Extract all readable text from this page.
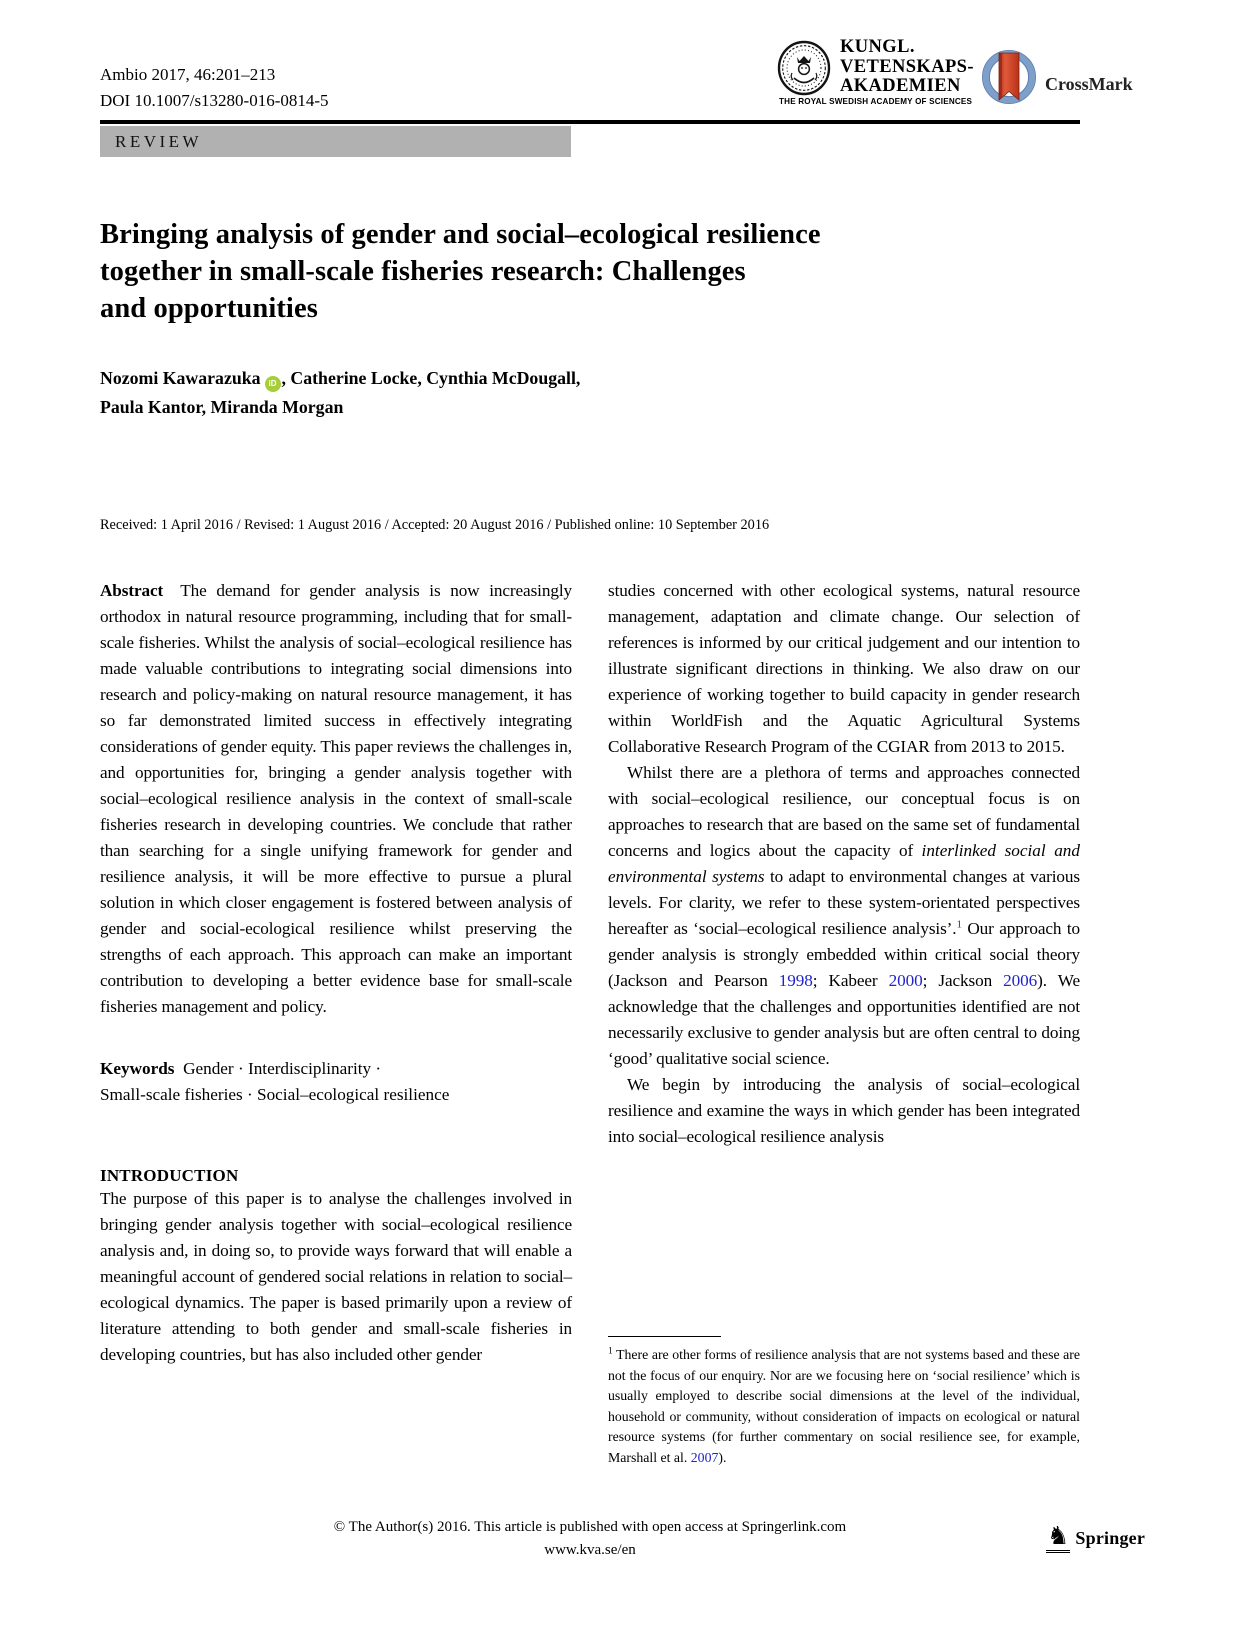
Ambio 2017, 46:201–213
DOI 10.1007/s13280-016-0814-5
KUNGL.
VETENSKAPS-
AKADEMIEN
THE ROYAL SWEDISH ACADEMY OF SCIENCES
CrossMark
REVIEW
Bringing analysis of gender and social–ecological resilience
together in small-scale fisheries research: Challenges
and opportunities
Nozomi Kawarazuka iD , Catherine Locke, Cynthia McDougall,
Paula Kantor, Miranda Morgan
Received: 1 April 2016 / Revised: 1 August 2016 / Accepted: 20 August 2016 / Published online: 10 September 2016

Abstract  The demand for gender analysis is now increasingly orthodox in natural resource programming, including that for small-scale fisheries. Whilst the analysis of social–ecological resilience has made valuable contributions to integrating social dimensions into research and policy-making on natural resource management, it has so far demonstrated limited success in effectively integrating considerations of gender equity. This paper reviews the challenges in, and opportunities for, bringing a gender analysis together with social–ecological resilience analysis in the context of small-scale fisheries research in developing countries. We conclude that rather than searching for a single unifying framework for gender and resilience analysis, it will be more effective to pursue a plural solution in which closer engagement is fostered between analysis of gender and social-ecological resilience whilst preserving the strengths of each approach. This approach can make an important contribution to developing a better evidence base for small-scale fisheries management and policy.

Keywords  Gender · Interdisciplinarity ·
Small-scale fisheries · Social–ecological resilience

INTRODUCTION

The purpose of this paper is to analyse the challenges involved in bringing gender analysis together with social–ecological resilience analysis and, in doing so, to provide ways forward that will enable a meaningful account of gendered social relations in relation to social–ecological dynamics. The paper is based primarily upon a review of literature attending to both gender and small-scale fisheries in developing countries, but has also included other gender

studies concerned with other ecological systems, natural resource management, adaptation and climate change. Our selection of references is informed by our critical judgement and our intention to illustrate significant directions in thinking. We also draw on our experience of working together to build capacity in gender research within WorldFish and the Aquatic Agricultural Systems Collaborative Research Program of the CGIAR from 2013 to 2015.

Whilst there are a plethora of terms and approaches connected with social–ecological resilience, our conceptual focus is on approaches to research that are based on the same set of fundamental concerns and logics about the capacity of interlinked social and environmental systems to adapt to environmental changes at various levels. For clarity, we refer to these system-orientated perspectives hereafter as ‘social–ecological resilience analysis’.$^1$ Our approach to gender analysis is strongly embedded within critical social theory (Jackson and Pearson 1998; Kabeer 2000; Jackson 2006). We acknowledge that the challenges and opportunities identified are not necessarily exclusive to gender analysis but are often central to doing ‘good’ qualitative social science.

We begin by introducing the analysis of social–ecological resilience and examine the ways in which gender has been integrated into social–ecological resilience analysis

$^1$ There are other forms of resilience analysis that are not systems based and these are not the focus of our enquiry. Nor are we focusing here on ‘social resilience’ which is usually employed to describe social dimensions at the level of the individual, household or community, without consideration of impacts on ecological or natural resource systems (for further commentary on social resilience see, for example, Marshall et al. 2007).

© The Author(s) 2016. This article is published with open access at Springerlink.com
www.kva.se/en	♞ Springer
